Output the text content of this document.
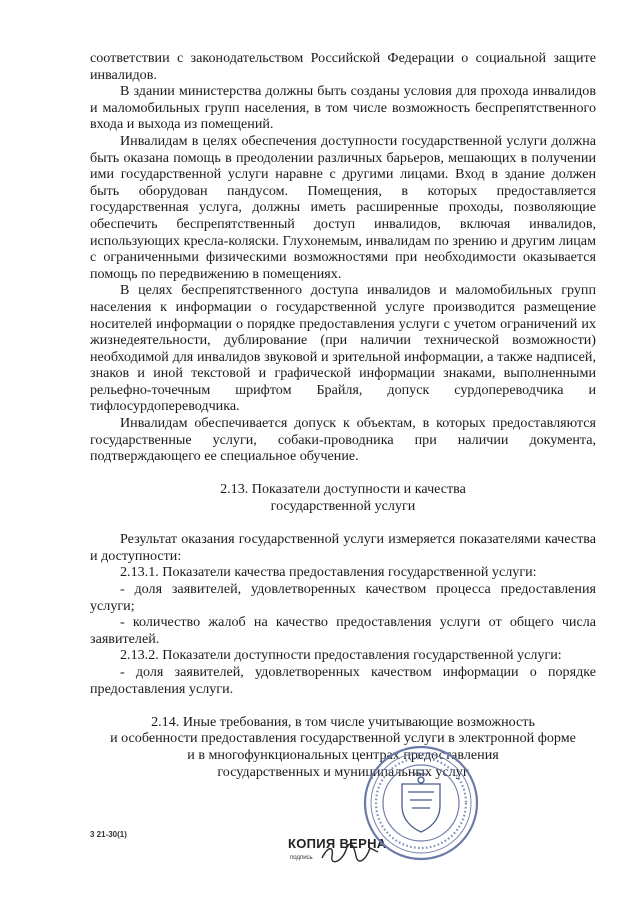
соответствии с законодательством Российской Федерации о социальной защите инвалидов.

В здании министерства должны быть созданы условия для прохода инвалидов и маломобильных групп населения, в том числе возможность беспрепятственного входа и выхода из помещений.

Инвалидам в целях обеспечения доступности государственной услуги должна быть оказана помощь в преодолении различных барьеров, мешающих в получении ими государственной услуги наравне с другими лицами. Вход в здание должен быть оборудован пандусом. Помещения, в которых предоставляется государственная услуга, должны иметь расширенные проходы, позволяющие обеспечить беспрепятственный доступ инвалидов, включая инвалидов, использующих кресла-коляски. Глухонемым, инвалидам по зрению и другим лицам с ограниченными физическими возможностями при необходимости оказывается помощь по передвижению в помещениях.

В целях беспрепятственного доступа инвалидов и маломобильных групп населения к информации о государственной услуге производится размещение носителей информации о порядке предоставления услуги с учетом ограничений их жизнедеятельности, дублирование (при наличии технической возможности) необходимой для инвалидов звуковой и зрительной информации, а также надписей, знаков и иной текстовой и графической информации знаками, выполненными рельефно-точечным шрифтом Брайля, допуск сурдопереводчика и тифлосурдопереводчика.

Инвалидам обеспечивается допуск к объектам, в которых предоставляются государственные услуги, собаки-проводника при наличии документа, подтверждающего ее специальное обучение.

2.13. Показатели доступности и качества

государственной услуги

Результат оказания государственной услуги измеряется показателями качества и доступности:

2.13.1. Показатели качества предоставления государственной услуги:

- доля заявителей, удовлетворенных качеством процесса предоставления услуги;

- количество жалоб на качество предоставления услуги от общего числа заявителей.

2.13.2. Показатели доступности предоставления государственной услуги:

- доля заявителей, удовлетворенных качеством информации о порядке предоставления услуги.

2.14. Иные требования, в том числе учитывающие возможность

и особенности предоставления государственной услуги в электронной форме

и в многофункциональных центрах предоставления

государственных и муниципальных услуг

3 21-30(1)
КОПИЯ ВЕРНА
подпись
